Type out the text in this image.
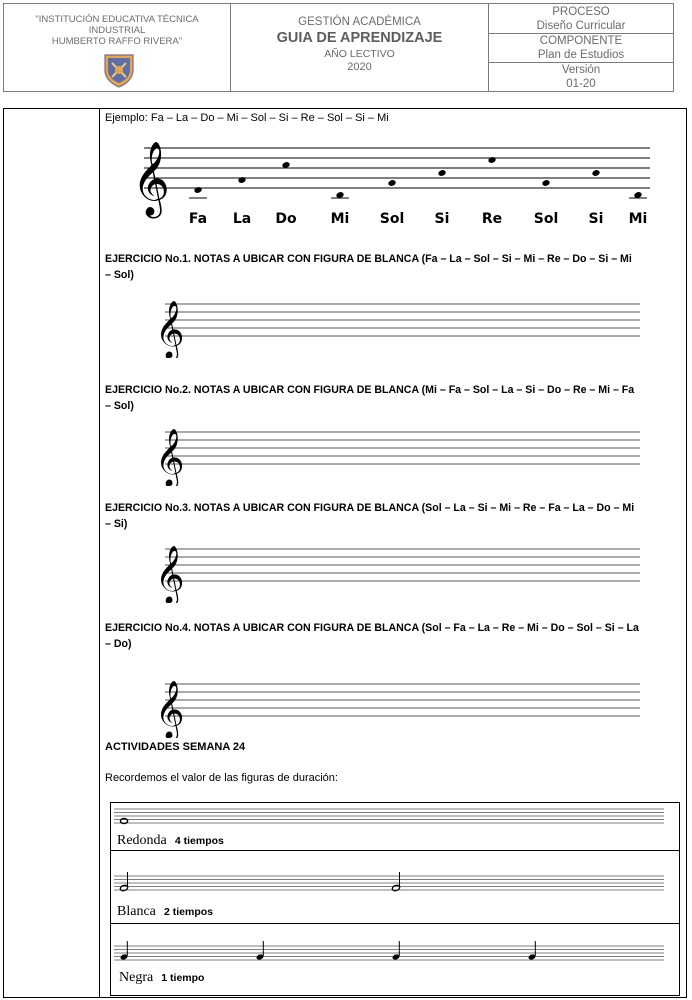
"INSTITUCIÓN EDUCATIVA TÉCNICA
INDUSTRIAL
HUMBERTO RAFFO RIVERA"
GESTIÓN ACADÉMICA
GUIA DE APRENDIZAJE
AÑO LECTIVO
2020
PROCESO
Diseño Curricular
COMPONENTE
Plan de Estudios
Versión
01-20
Ejemplo: Fa – La – Do – Mi – Sol – Si – Re – Sol – Si – Mi
𝄞
Fa La Do Mi Sol Si Re Sol Si Mi
EJERCICIO No.1. NOTAS A UBICAR CON FIGURA DE BLANCA (Fa – La – Sol – Si – Mi – Re – Do – Si – Mi
– Sol)
𝄞
EJERCICIO No.2. NOTAS A UBICAR CON FIGURA DE BLANCA (Mi – Fa – Sol – La – Si – Do – Re – Mi – Fa
– Sol)
𝄞
EJERCICIO No.3. NOTAS A UBICAR CON FIGURA DE BLANCA (Sol – La – Si – Mi – Re – Fa – La – Do – Mi
– Si)
𝄞
EJERCICIO No.4. NOTAS A UBICAR CON FIGURA DE BLANCA (Sol – Fa – La – Re – Mi – Do – Sol – Si – La
– Do)
𝄞
ACTIVIDADES SEMANA 24
Recordemos el valor de las figuras de duración:
Redonda 4 tiempos
Blanca 2 tiempos
Negra 1 tiempo
